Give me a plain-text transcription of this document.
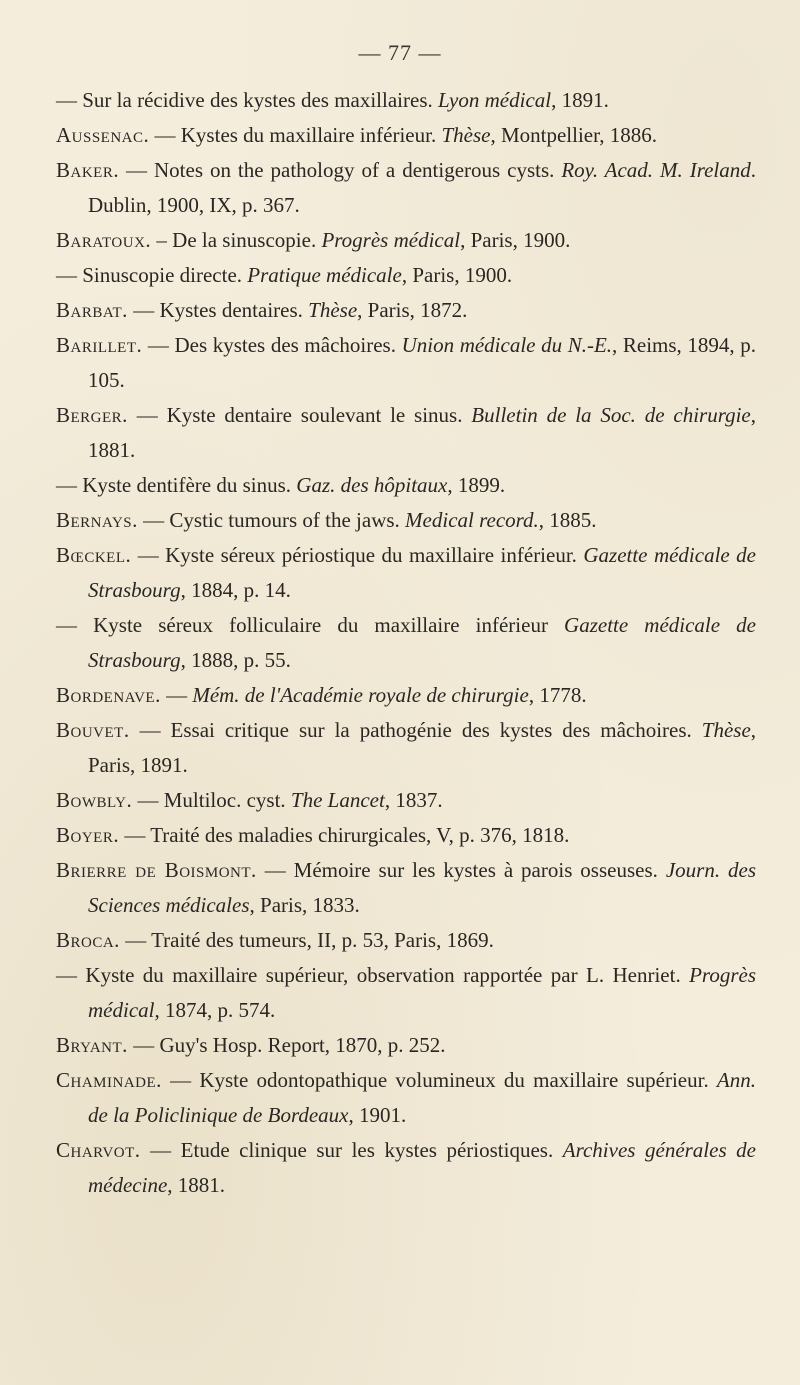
— 77 —

— Sur la récidive des kystes des maxillaires. Lyon médical, 1891.

Aussenac. — Kystes du maxillaire inférieur. Thèse, Montpellier, 1886.

Baker. — Notes on the pathology of a dentigerous cysts. Roy. Acad. M. Ireland. Dublin, 1900, IX, p. 367.

Baratoux. – De la sinuscopie. Progrès médical, Paris, 1900.

— Sinuscopie directe. Pratique médicale, Paris, 1900.

Barbat. — Kystes dentaires. Thèse, Paris, 1872.

Barillet. — Des kystes des mâchoires. Union médicale du N.-E., Reims, 1894, p. 105.

Berger. — Kyste dentaire soulevant le sinus. Bulletin de la Soc. de chirurgie, 1881.

— Kyste dentifère du sinus. Gaz. des hôpitaux, 1899.

Bernays. — Cystic tumours of the jaws. Medical record., 1885.

Bœckel. — Kyste séreux périostique du maxillaire inférieur. Gazette médicale de Strasbourg, 1884, p. 14.

— Kyste séreux folliculaire du maxillaire inférieur Gazette médicale de Strasbourg, 1888, p. 55.

Bordenave. — Mém. de l'Académie royale de chirurgie, 1778.

Bouvet. — Essai critique sur la pathogénie des kystes des mâchoires. Thèse, Paris, 1891.

Bowbly. — Multiloc. cyst. The Lancet, 1837.

Boyer. — Traité des maladies chirurgicales, V, p. 376, 1818.

Brierre de Boismont. — Mémoire sur les kystes à parois osseuses. Journ. des Sciences médicales, Paris, 1833.

Broca. — Traité des tumeurs, II, p. 53, Paris, 1869.

— Kyste du maxillaire supérieur, observation rapportée par L. Henriet. Progrès médical, 1874, p. 574.

Bryant. — Guy's Hosp. Report, 1870, p. 252.

Chaminade. — Kyste odontopathique volumineux du maxillaire supérieur. Ann. de la Policlinique de Bordeaux, 1901.

Charvot. — Etude clinique sur les kystes périostiques. Archives générales de médecine, 1881.
